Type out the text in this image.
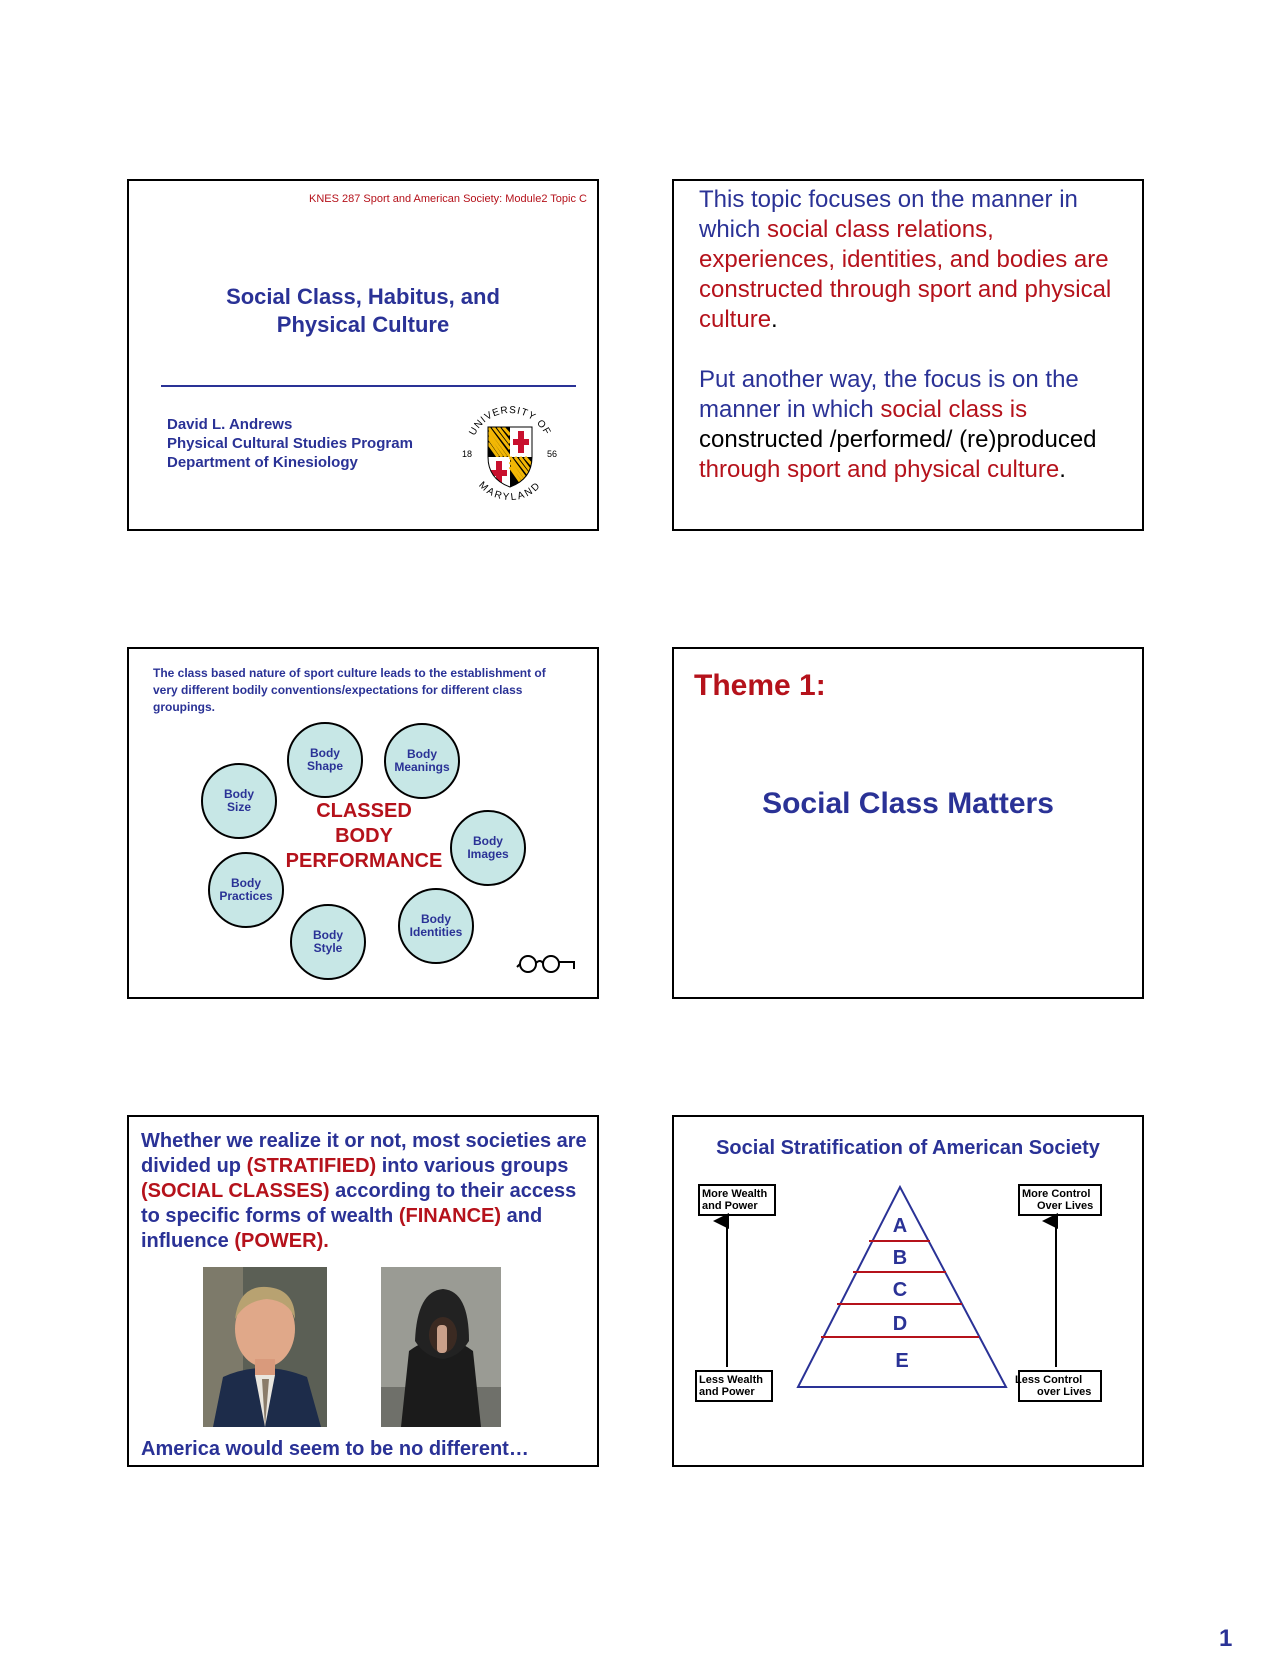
KNES 287 Sport and American Society: Module2 Topic C
Social Class, Habitus, and
Physical Culture
David L. Andrews
Physical Cultural Studies Program
Department of Kinesiology
UNIVERSITY OF
MARYLAND
18	56

This topic focuses on the manner in which social class relations, experiences, identities, and bodies are constructed through sport and physical culture.

Put another way, the focus is on the manner in which social class is constructed /performed/ (re)produced through sport and physical culture.

The class based nature of sport culture leads to the establishment of very different bodily conventions/expectations for different class groupings.
Body
Shape
Body
Meanings
Body
Size
Body
Images
Body
Practices
Body
Identities
Body
Style
CLASSED
BODY
PERFORMANCE
Theme 1:
Social Class Matters
Whether we realize it or not, most societies are divided up (STRATIFIED) into various groups (SOCIAL CLASSES) according to their access to specific forms of wealth (FINANCE) and influence (POWER).
America would seem to be no different…
Social Stratification of American Society
More Wealth
and Power
Less Wealth
and Power
More Control
Over Lives
Less Control
over Lives
A
B
C
D
E
1
